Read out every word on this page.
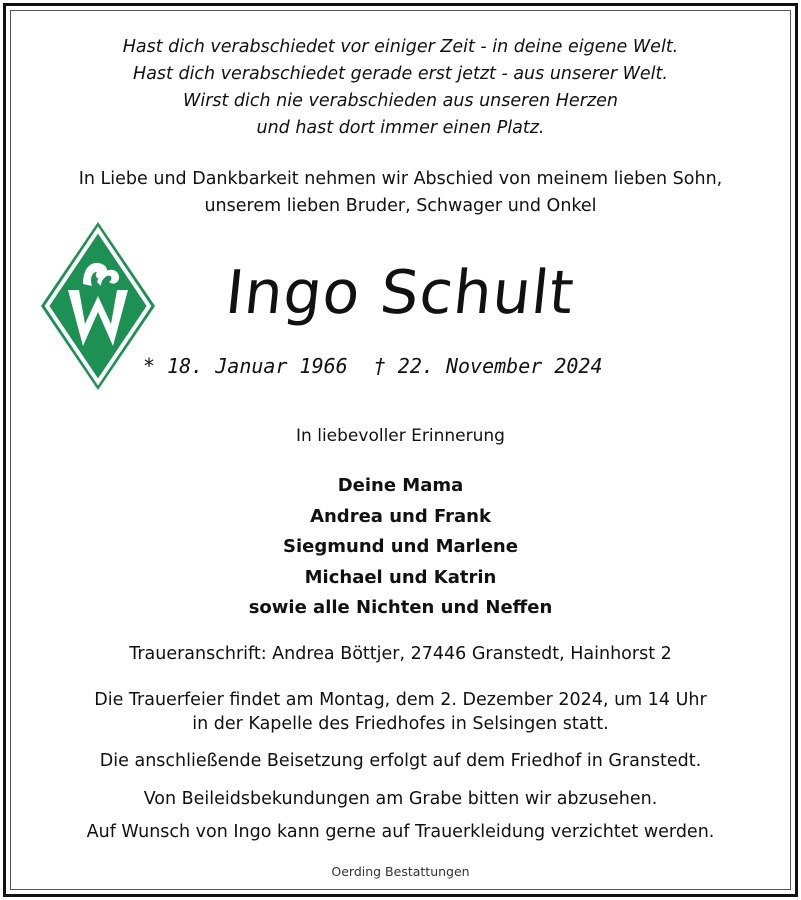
Hast dich verabschiedet vor einiger Zeit - in deine eigene Welt.
Hast dich verabschiedet gerade erst jetzt - aus unserer Welt.
Wirst dich nie verabschieden aus unseren Herzen
und hast dort immer einen Platz.
In Liebe und Dankbarkeit nehmen wir Abschied von meinem lieben Sohn,
unserem lieben Bruder, Schwager und Onkel
Ingo Schult
* 18. Januar 1966 † 22. November 2024
In liebevoller Erinnerung
Deine Mama
Andrea und Frank
Siegmund und Marlene
Michael und Katrin
sowie alle Nichten und Neffen
Traueranschrift: Andrea Böttjer, 27446 Granstedt, Hainhorst 2
Die Trauerfeier findet am Montag, dem 2. Dezember 2024, um 14 Uhr
in der Kapelle des Friedhofes in Selsingen statt.
Die anschließende Beisetzung erfolgt auf dem Friedhof in Granstedt.
Von Beileidsbekundungen am Grabe bitten wir abzusehen.
Auf Wunsch von Ingo kann gerne auf Trauerkleidung verzichtet werden.
Oerding Bestattungen
